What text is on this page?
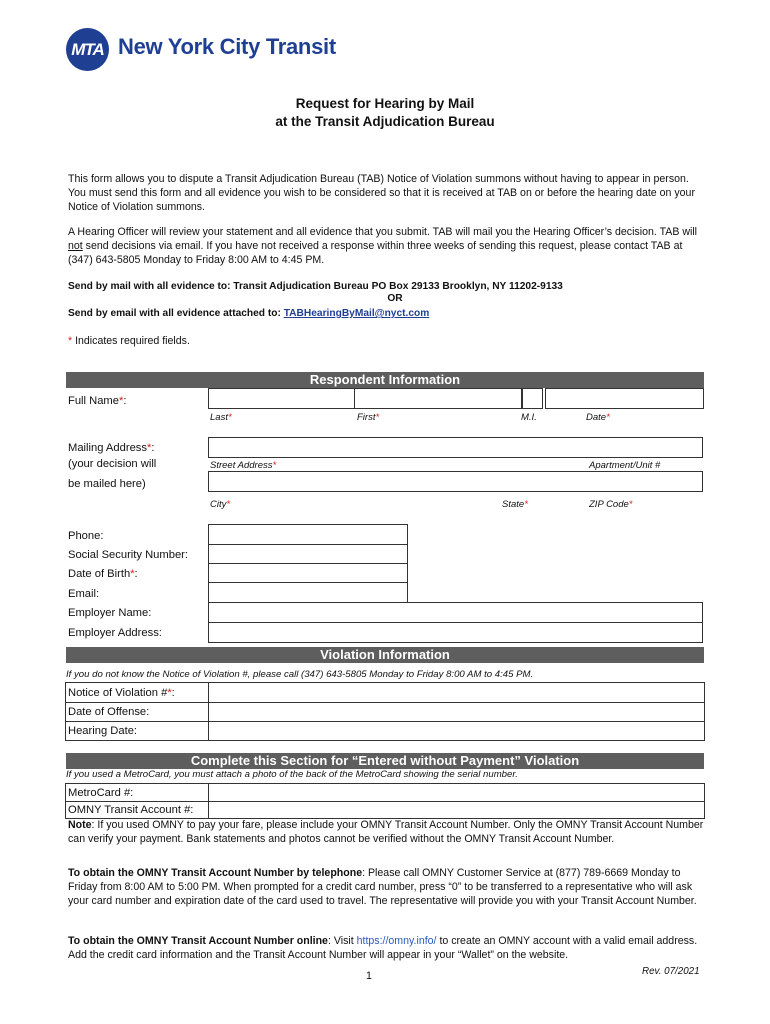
MTA New York City Transit
Request for Hearing by Mail
at the Transit Adjudication Bureau
This form allows you to dispute a Transit Adjudication Bureau (TAB) Notice of Violation summons without having to appear in person. You must send this form and all evidence you wish to be considered so that it is received at TAB on or before the hearing date on your Notice of Violation summons.
A Hearing Officer will review your statement and all evidence that you submit. TAB will mail you the Hearing Officer’s decision. TAB will not send decisions via email. If you have not received a response within three weeks of sending this request, please contact TAB at (347) 643-5805 Monday to Friday 8:00 AM to 4:45 PM.
Send by mail with all evidence to: Transit Adjudication Bureau PO Box 29133 Brooklyn, NY 11202-9133
OR
Send by email with all evidence attached to: TABHearingByMail@nyct.com
* Indicates required fields.
Respondent Information
Full Name*:
Last*	First*	M.I.	Date*
Mailing Address*:
(your decision will
be mailed here)
Street Address*	Apartment/Unit #
City*	State*	ZIP Code*
Phone:
Social Security Number:
Date of Birth*:
Email:
Employer Name:
Employer Address:
Violation Information
If you do not know the Notice of Violation #, please call (347) 643-5805 Monday to Friday 8:00 AM to 4:45 PM.
Notice of Violation #*:
Date of Offense:
Hearing Date:
Complete this Section for “Entered without Payment” Violation
If you used a MetroCard, you must attach a photo of the back of the MetroCard showing the serial number.
MetroCard #:
OMNY Transit Account #:
Note: If you used OMNY to pay your fare, please include your OMNY Transit Account Number. Only the OMNY Transit Account Number can verify your payment. Bank statements and photos cannot be verified without the OMNY Transit Account Number.
To obtain the OMNY Transit Account Number by telephone: Please call OMNY Customer Service at (877) 789-6669 Monday to Friday from 8:00 AM to 5:00 PM. When prompted for a credit card number, press “0” to be transferred to a representative who will ask your card number and expiration date of the card used to travel. The representative will provide you with your Transit Account Number.
To obtain the OMNY Transit Account Number online: Visit https://omny.info/ to create an OMNY account with a valid email address. Add the credit card information and the Transit Account Number will appear in your “Wallet” on the website.
1	Rev. 07/2021
